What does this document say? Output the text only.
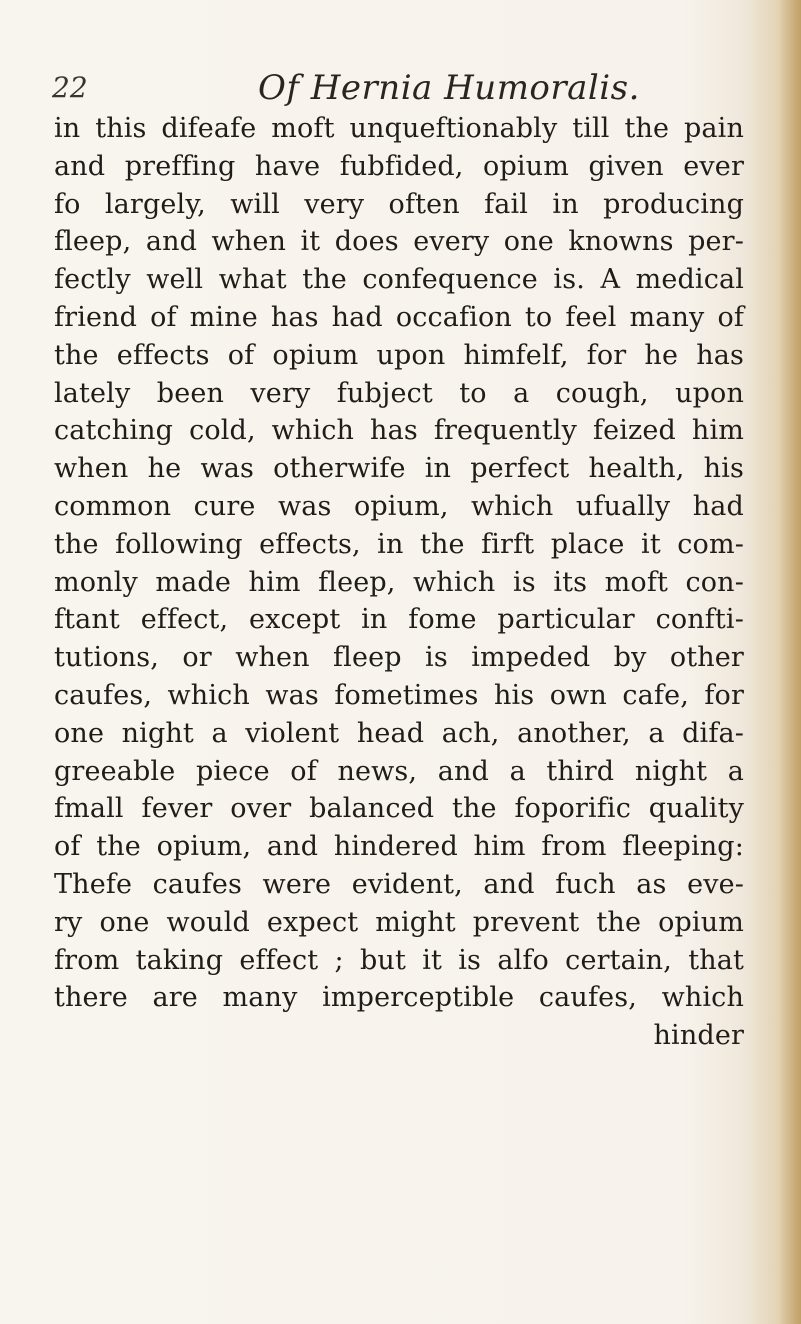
22	Of Hernia Humoralis.
in this difeafe moft unqueftionably till the pain
and preffing have fubfided, opium given ever
fo largely, will very often fail in producing
fleep, and when it does every one knowns per-
fectly well what the confequence is. A medical
friend of mine has had occafion to feel many of
the effects of opium upon himfelf, for he has
lately been very fubject to a cough, upon
catching cold, which has frequently feized him
when he was otherwife in perfect health, his
common cure was opium, which ufually had
the following effects, in the firft place it com-
monly made him fleep, which is its moft con-
ftant effect, except in fome particular confti-
tutions, or when fleep is impeded by other
caufes, which was fometimes his own cafe, for
one night a violent head ach, another, a difa-
greeable piece of news, and a third night a
fmall fever over balanced the foporific quality
of the opium, and hindered him from fleeping:
Thefe caufes were evident, and fuch as eve-
ry one would expect might prevent the opium
from taking effect ; but it is alfo certain, that
there are many imperceptible caufes, which
hinder
